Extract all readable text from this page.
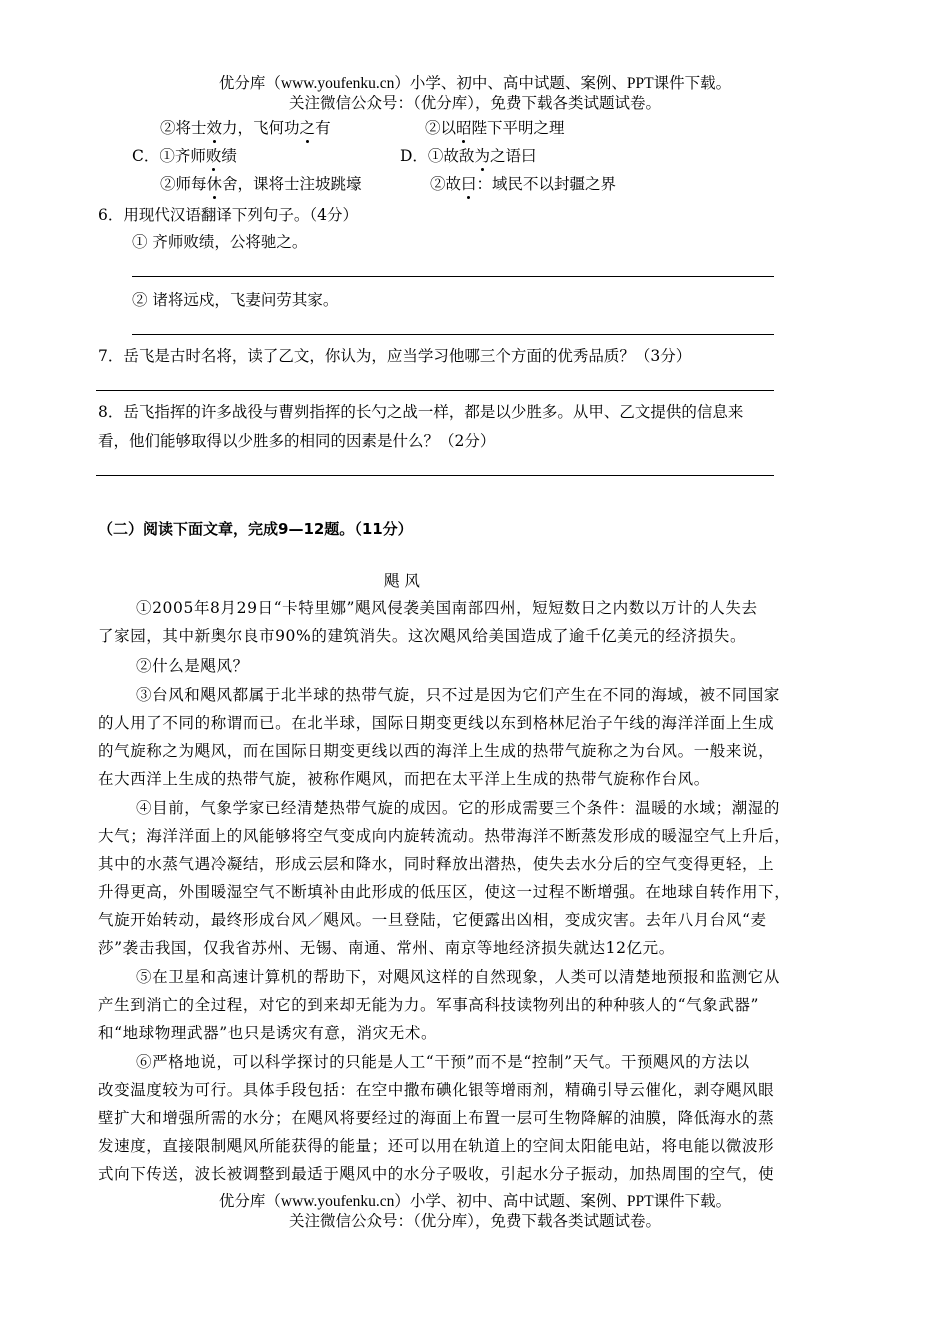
优分库（www.youfenku.cn）小学、初中、高中试题、案例、PPT课件下载。
关注微信公众号：（优分库），免费下载各类试题试卷。
②将士效力，飞何功之有	②以昭陛下平明之理
C．①齐师败绩	D．①故敌为之语曰
②师每休舍，课将士注坡跳壕	②故曰：域民不以封疆之界
6．用现代汉语翻译下列句子。（4分）
① 齐师败绩，公将驰之。
② 诸将远戍，飞妻问劳其家。
7．岳飞是古时名将，读了乙文，你认为，应当学习他哪三个方面的优秀品质？（3分）
8．岳飞指挥的许多战役与曹刿指挥的长勺之战一样，都是以少胜多。从甲、乙文提供的信息来
看，他们能够取得以少胜多的相同的因素是什么？（2分）
（二）阅读下面文章，完成9—12题。（11分）
飓 风
①2005年8月29日“卡特里娜”飓风侵袭美国南部四州，短短数日之内数以万计的人失去
了家园，其中新奥尔良市90%的建筑消失。这次飓风给美国造成了逾千亿美元的经济损失。
②什么是飓风？
③台风和飓风都属于北半球的热带气旋，只不过是因为它们产生在不同的海域，被不同国家
的人用了不同的称谓而已。在北半球，国际日期变更线以东到格林尼治子午线的海洋洋面上生成
的气旋称之为飓风，而在国际日期变更线以西的海洋上生成的热带气旋称之为台风。一般来说，
在大西洋上生成的热带气旋，被称作飓风，而把在太平洋上生成的热带气旋称作台风。
④目前，气象学家已经清楚热带气旋的成因。它的形成需要三个条件：温暖的水域；潮湿的
大气；海洋洋面上的风能够将空气变成向内旋转流动。热带海洋不断蒸发形成的暖湿空气上升后，
其中的水蒸气遇冷凝结，形成云层和降水，同时释放出潜热，使失去水分后的空气变得更轻，上
升得更高，外围暖湿空气不断填补由此形成的低压区，使这一过程不断增强。在地球自转作用下，
气旋开始转动，最终形成台风／飓风。一旦登陆，它便露出凶相，变成灾害。去年八月台风“麦
莎”袭击我国，仅我省苏州、无锡、南通、常州、南京等地经济损失就达12亿元。
⑤在卫星和高速计算机的帮助下，对飓风这样的自然现象，人类可以清楚地预报和监测它从
产生到消亡的全过程，对它的到来却无能为力。军事高科技读物列出的种种骇人的“气象武器”
和“地球物理武器”也只是诱灾有意，消灾无术。
⑥严格地说，可以科学探讨的只能是人工“干预”而不是“控制”天气。干预飓风的方法以
改变温度较为可行。具体手段包括：在空中撒布碘化银等增雨剂，精确引导云催化，剥夺飓风眼
壁扩大和增强所需的水分；在飓风将要经过的海面上布置一层可生物降解的油膜，降低海水的蒸
发速度，直接限制飓风所能获得的能量；还可以用在轨道上的空间太阳能电站，将电能以微波形
式向下传送，波长被调整到最适于飓风中的水分子吸收，引起水分子振动，加热周围的空气，使
优分库（www.youfenku.cn）小学、初中、高中试题、案例、PPT课件下载。
关注微信公众号：（优分库），免费下载各类试题试卷。
